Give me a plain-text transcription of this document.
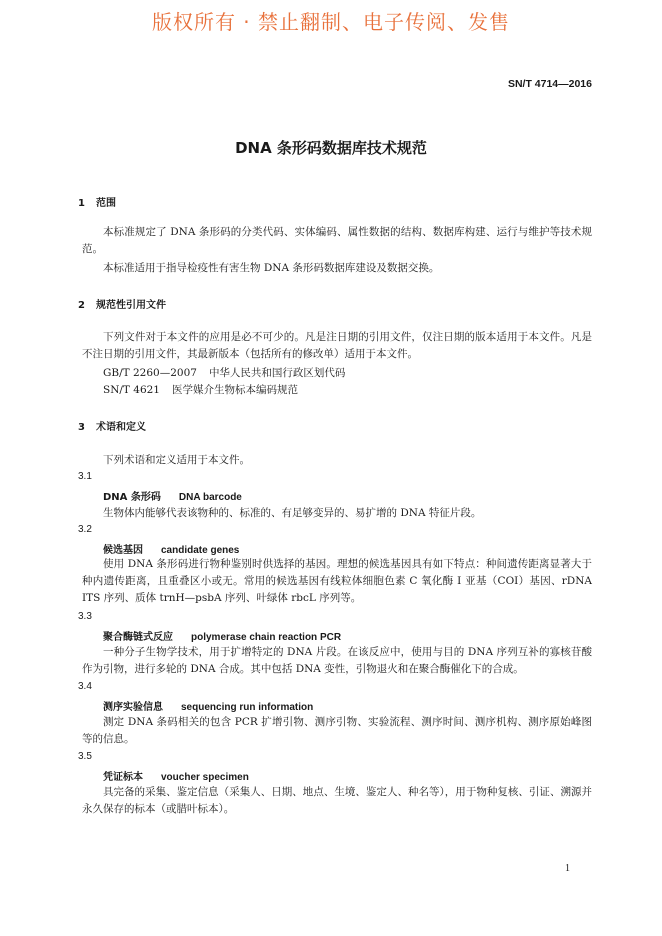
版权所有 · 禁止翻制、电子传阅、发售
SN/T 4714—2016
DNA 条形码数据库技术规范
1 范围
本标准规定了 DNA 条形码的分类代码、实体编码、属性数据的结构、数据库构建、运行与维护等技术规范。
本标准适用于指导检疫性有害生物 DNA 条形码数据库建设及数据交换。
2 规范性引用文件
下列文件对于本文件的应用是必不可少的。凡是注日期的引用文件，仅注日期的版本适用于本文件。凡是不注日期的引用文件，其最新版本（包括所有的修改单）适用于本文件。
GB/T 2260—2007 中华人民共和国行政区划代码
SN/T 4621 医学媒介生物标本编码规范
3 术语和定义
下列术语和定义适用于本文件。
3.1
DNA 条形码 DNA barcode
生物体内能够代表该物种的、标准的、有足够变异的、易扩增的 DNA 特征片段。
3.2
候选基因 candidate genes
使用 DNA 条形码进行物种鉴别时供选择的基因。理想的候选基因具有如下特点：种间遗传距离显著大于种内遗传距离，且重叠区小或无。常用的候选基因有线粒体细胞色素 C 氧化酶 Ⅰ 亚基（COI）基因、rDNA ITS 序列、质体 trnH—psbA 序列、叶绿体 rbcL 序列等。
3.3
聚合酶链式反应 polymerase chain reaction PCR
一种分子生物学技术，用于扩增特定的 DNA 片段。在该反应中，使用与目的 DNA 序列互补的寡核苷酸作为引物，进行多轮的 DNA 合成。其中包括 DNA 变性，引物退火和在聚合酶催化下的合成。
3.4
测序实验信息 sequencing run information
测定 DNA 条码相关的包含 PCR 扩增引物、测序引物、实验流程、测序时间、测序机构、测序原始峰图等的信息。
3.5
凭证标本 voucher specimen
具完备的采集、鉴定信息（采集人、日期、地点、生境、鉴定人、种名等），用于物种复核、引证、溯源并永久保存的标本（或腊叶标本）。
1
